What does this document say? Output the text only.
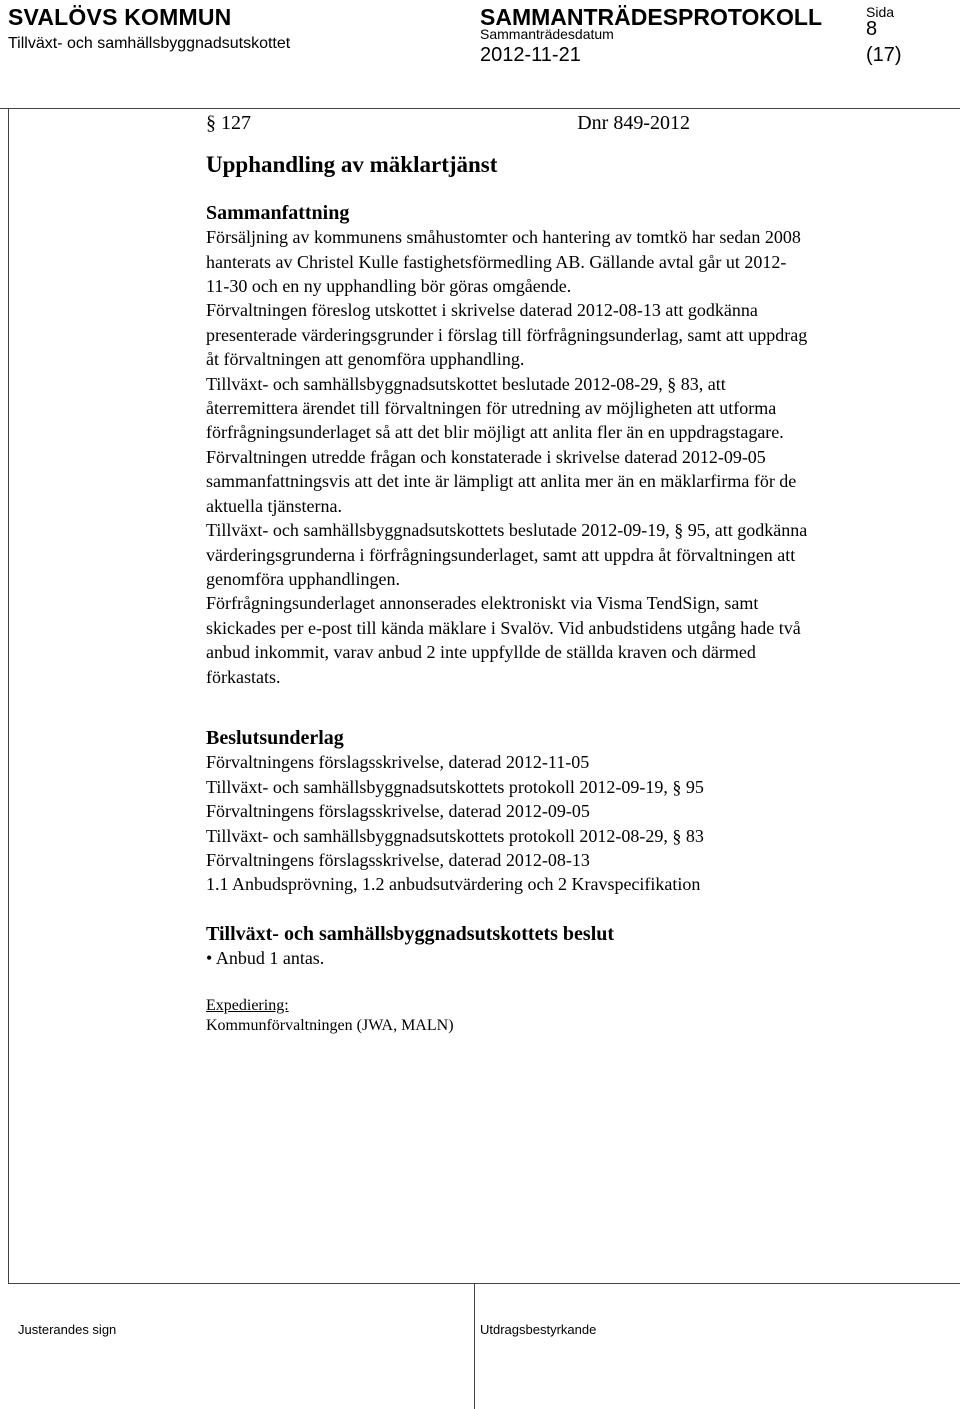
SVALÖVS KOMMUN
Tillväxt- och samhällsbyggnadsutskottet
SAMMANTRÄDESPROTOKOLL
Sammanträdesdatum
2012-11-21
Sida
8
(17)
§ 127	Dnr 849-2012
Upphandling av mäklartjänst
Sammanfattning

Försäljning av kommunens småhustomter och hantering av tomtkö har sedan 2008
hanterats av Christel Kulle fastighetsförmedling AB. Gällande avtal går ut 2012-
11-30 och en ny upphandling bör göras omgående.

Förvaltningen föreslog utskottet i skrivelse daterad 2012-08-13 att godkänna
presenterade värderingsgrunder i förslag till förfrågningsunderlag, samt att uppdrag
åt förvaltningen att genomföra upphandling.

Tillväxt- och samhällsbyggnadsutskottet beslutade 2012-08-29, § 83, att
återremittera ärendet till förvaltningen för utredning av möjligheten att utforma
förfrågningsunderlaget så att det blir möjligt att anlita fler än en uppdragstagare.
Förvaltningen utredde frågan och konstaterade i skrivelse daterad 2012-09-05
sammanfattningsvis att det inte är lämpligt att anlita mer än en mäklarfirma för de
aktuella tjänsterna.

Tillväxt- och samhällsbyggnadsutskottets beslutade 2012-09-19, § 95, att godkänna
värderingsgrunderna i förfrågningsunderlaget, samt att uppdra åt förvaltningen att
genomföra upphandlingen.

Förfrågningsunderlaget annonserades elektroniskt via Visma TendSign, samt
skickades per e-post till kända mäklare i Svalöv. Vid anbudstidens utgång hade två
anbud inkommit, varav anbud 2 inte uppfyllde de ställda kraven och därmed
förkastats.

Beslutsunderlag

Förvaltningens förslagsskrivelse, daterad 2012-11-05
Tillväxt- och samhällsbyggnadsutskottets protokoll 2012-09-19, § 95
Förvaltningens förslagsskrivelse, daterad 2012-09-05
Tillväxt- och samhällsbyggnadsutskottets protokoll 2012-08-29, § 83
Förvaltningens förslagsskrivelse, daterad 2012-08-13
1.1 Anbudsprövning, 1.2 anbudsutvärdering och 2 Kravspecifikation

Tillväxt- och samhällsbyggnadsutskottets beslut

• Anbud 1 antas.

Expediering:
Kommunförvaltningen (JWA, MALN)
Justerandes sign	Utdragsbestyrkande
